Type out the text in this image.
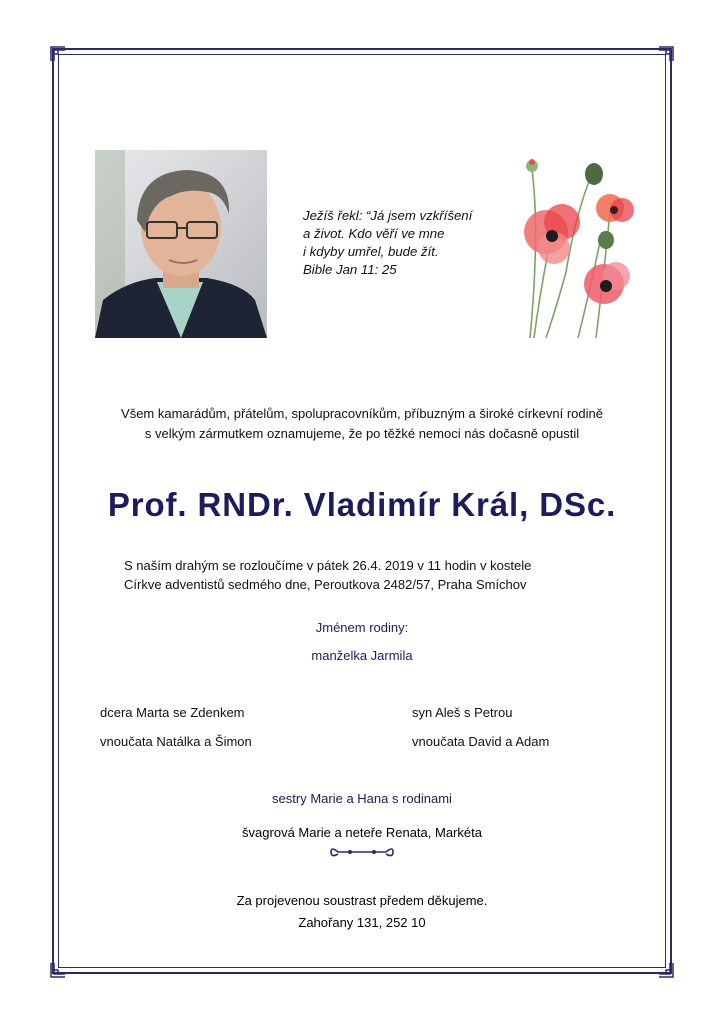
Ježíš řekl: “Já jsem vzkříšení
a život. Kdo věří ve mne
i kdyby umřel, bude žít.
Bible Jan 11: 25
Všem kamarádům, přátelům, spolupracovníkům, příbuzným a široké církevní rodině
s velkým zármutkem oznamujeme, že po těžké nemoci nás dočasně opustil
Prof. RNDr. Vladimír Král, DSc.
S naším drahým se rozloučíme v pátek 26.4. 2019 v 11 hodin v kostele
Církve adventistů sedmého dne, Peroutkova 2482/57, Praha Smíchov
Jménem rodiny:
manželka Jarmila
dcera Marta se Zdenkem
vnoučata Natálka a Šimon
syn Aleš s Petrou
vnoučata David a Adam
sestry Marie a Hana s rodinami
švagrová Marie a neteře Renata, Markéta
Za projevenou soustrast předem děkujeme.
Zahořany 131, 252 10
